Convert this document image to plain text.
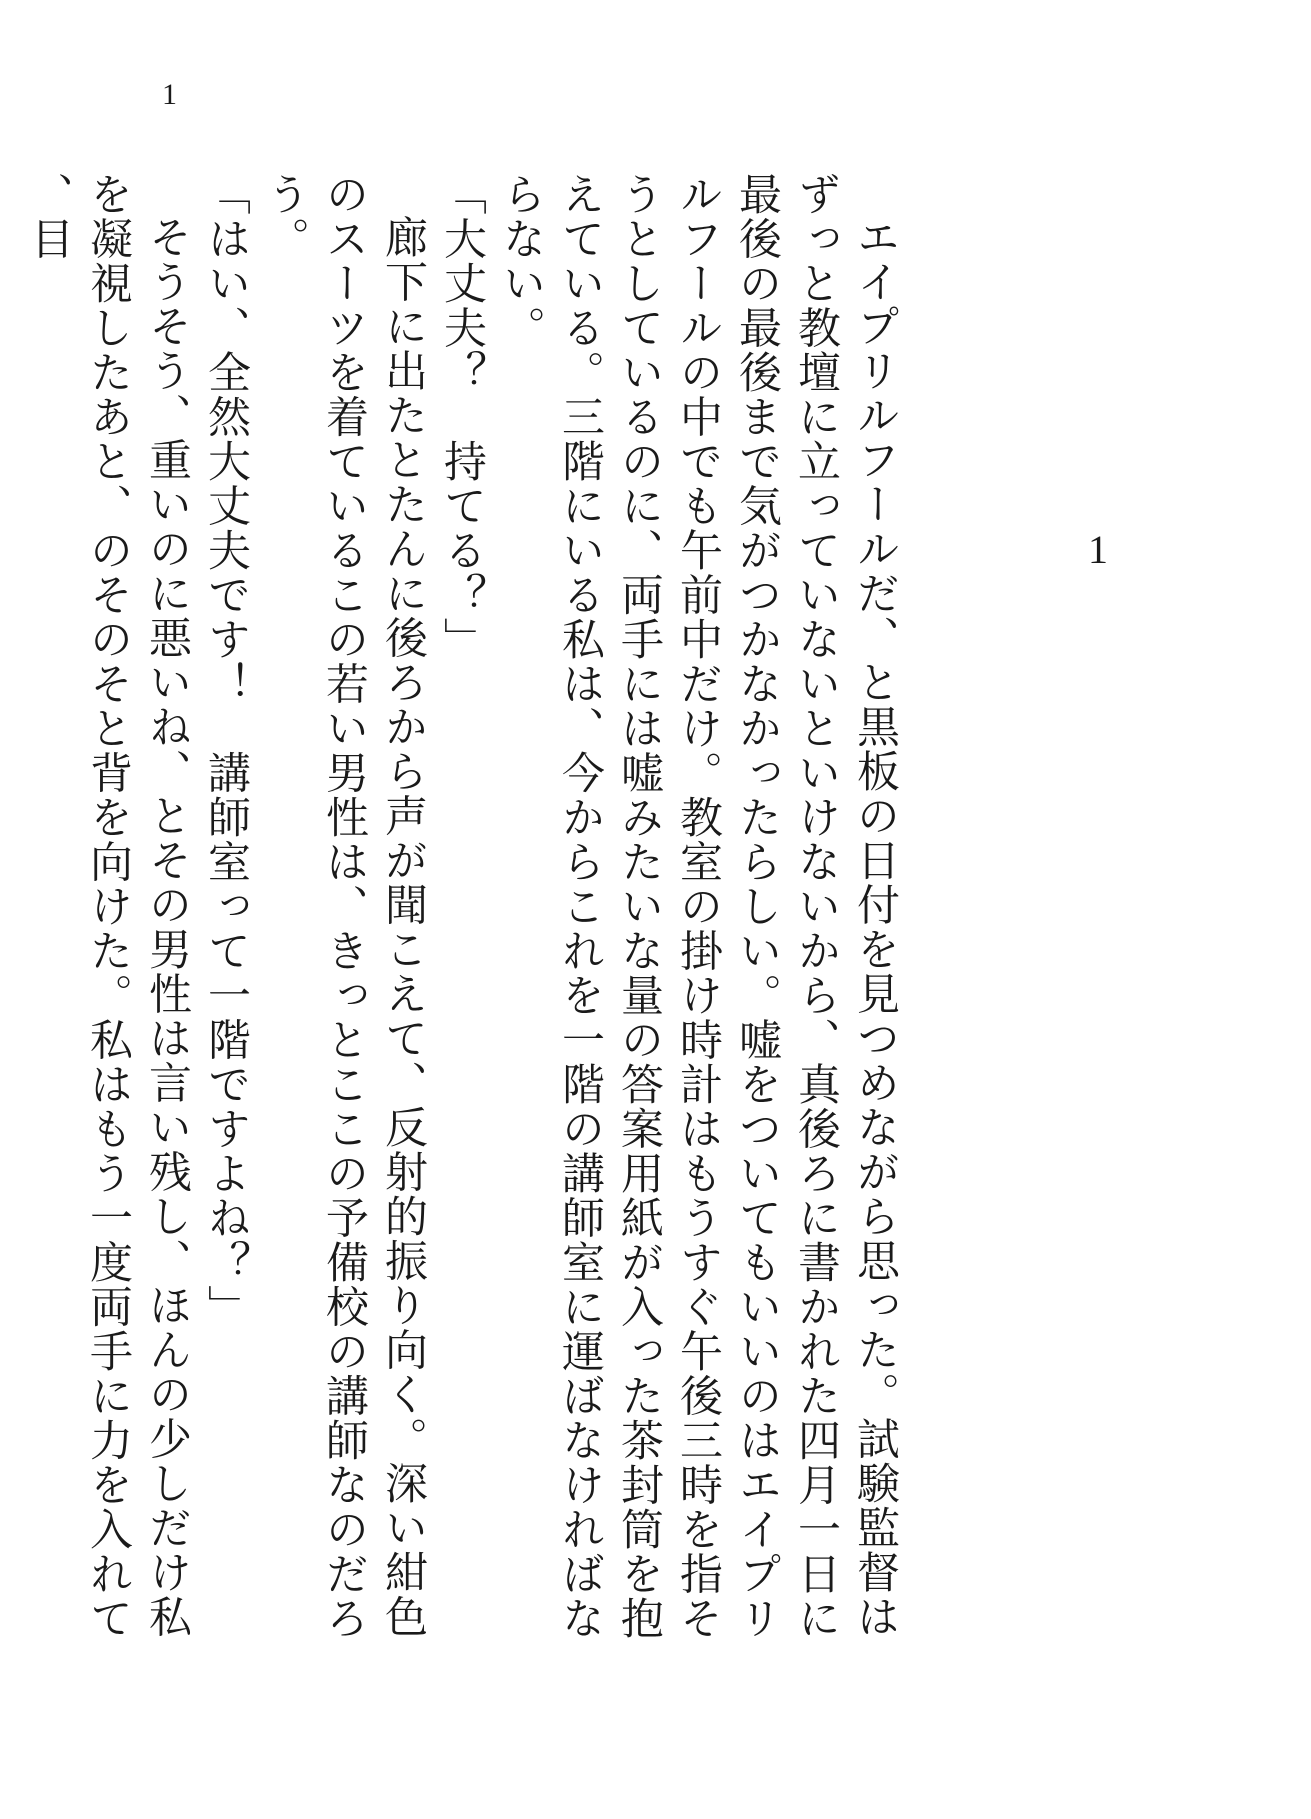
1
1

エイプリルフールだ、と黒板の日付を見つめながら思った。試験監督はずっと教壇に立っていないといけないから、真後ろに書かれた四月一日に最後の最後まで気がつかなかったらしい。嘘をついてもいいのはエイプリルフールの中でも午前中だけ。教室の掛け時計はもうすぐ午後三時を指そうとしているのに、両手には嘘みたいな量の答案用紙が入った茶封筒を抱えている。三階にいる私は、今からこれを一階の講師室に運ばなければならない。

「大丈夫？　持てる？」

廊下に出たとたんに後ろから声が聞こえて、反射的振り向く。深い紺色のスーツを着ているこの若い男性は、きっとここの予備校の講師なのだろう。

「はい、全然大丈夫です！　講師室って一階ですよね？」

そうそう、重いのに悪いね、とその男性は言い残し、ほんの少しだけ私を凝視したあと、のそのそと背を向けた。私はもう一度両手に力を入れて、目
